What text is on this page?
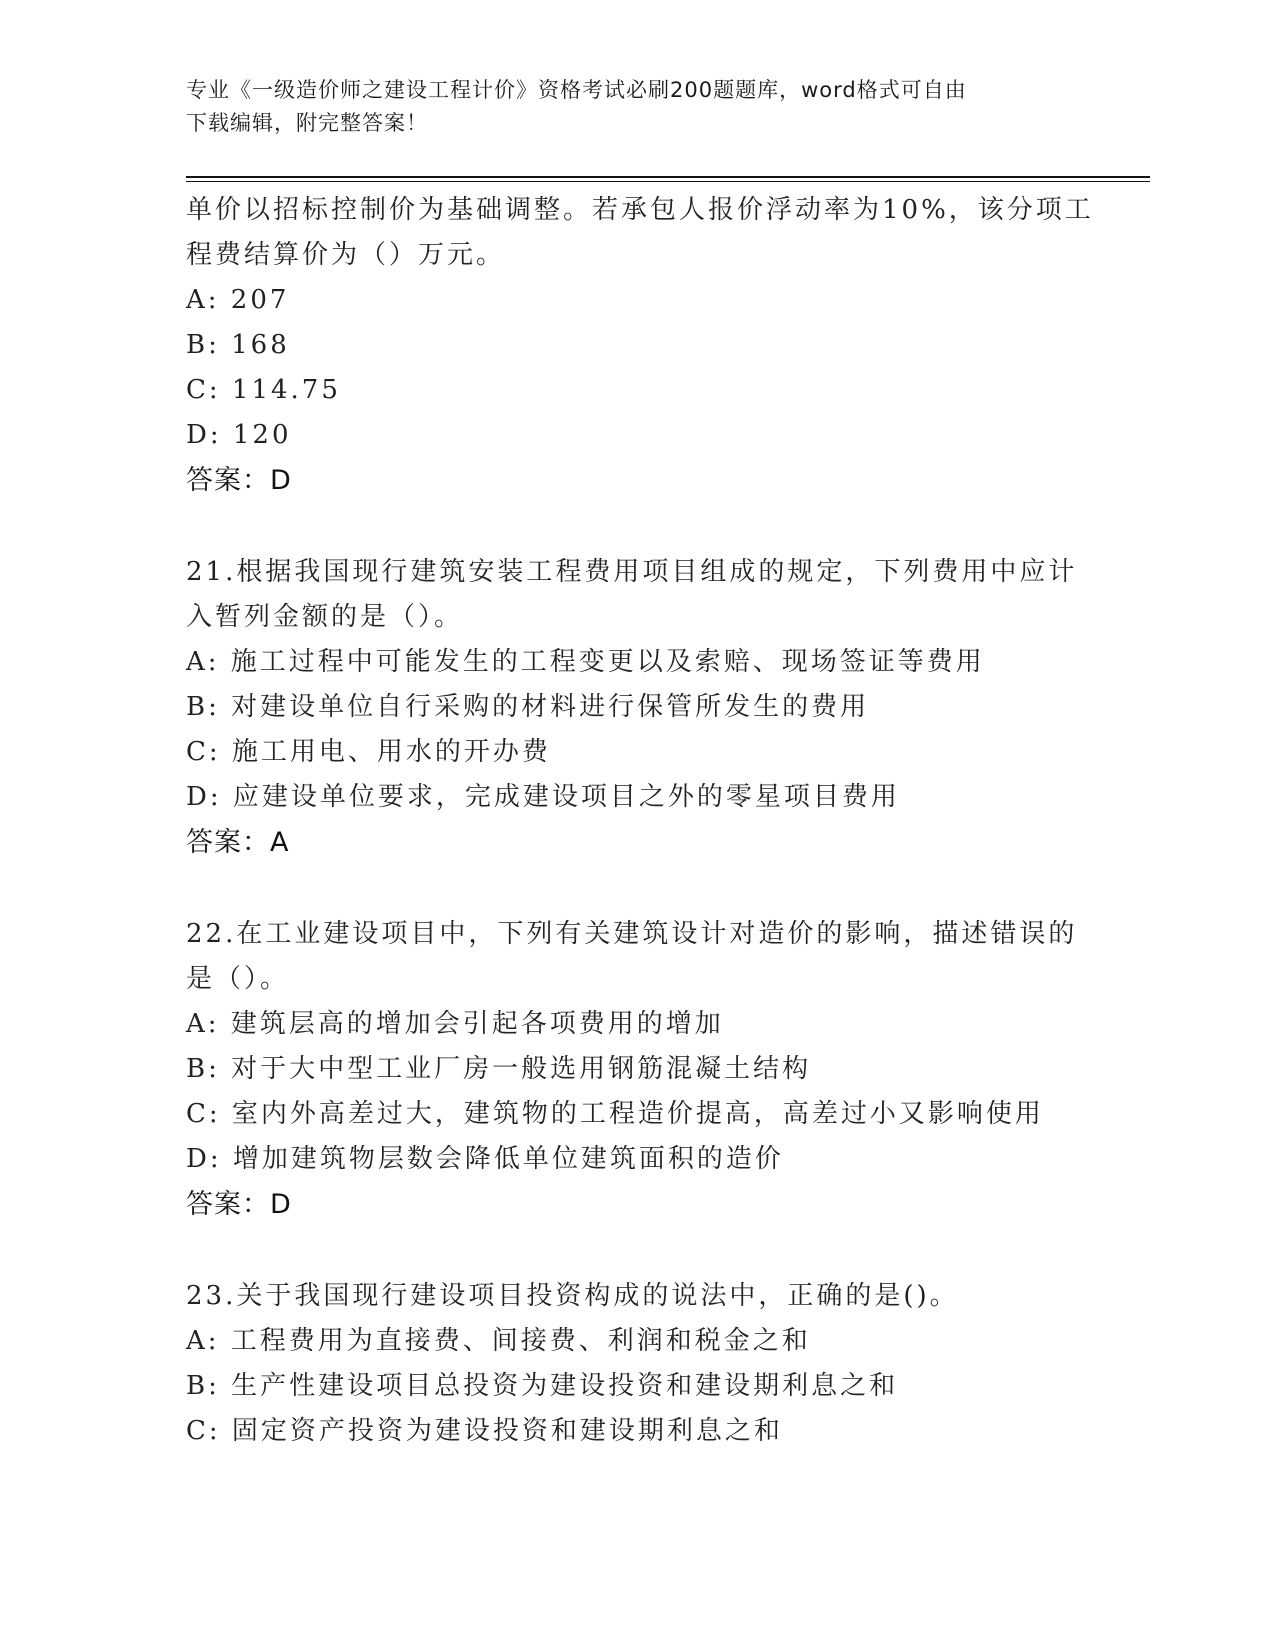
专业《一级造价师之建设工程计价》资格考试必刷200题题库，word格式可自由
下载编辑，附完整答案！
单价以招标控制价为基础调整。若承包人报价浮动率为10%，该分项工
程费结算价为（）万元。
A: 207
B: 168
C: 114.75
D: 120
答案：D
21.根据我国现行建筑安装工程费用项目组成的规定，下列费用中应计
入暂列金额的是（）。
A: 施工过程中可能发生的工程变更以及索赔、现场签证等费用
B: 对建设单位自行采购的材料进行保管所发生的费用
C: 施工用电、用水的开办费
D: 应建设单位要求，完成建设项目之外的零星项目费用
答案：A
22.在工业建设项目中，下列有关建筑设计对造价的影响，描述错误的
是（）。
A: 建筑层高的增加会引起各项费用的增加
B: 对于大中型工业厂房一般选用钢筋混凝土结构
C: 室内外高差过大，建筑物的工程造价提高，高差过小又影响使用
D: 增加建筑物层数会降低单位建筑面积的造价
答案：D
23.关于我国现行建设项目投资构成的说法中，正确的是()。
A: 工程费用为直接费、间接费、利润和税金之和
B: 生产性建设项目总投资为建设投资和建设期利息之和
C: 固定资产投资为建设投资和建设期利息之和
